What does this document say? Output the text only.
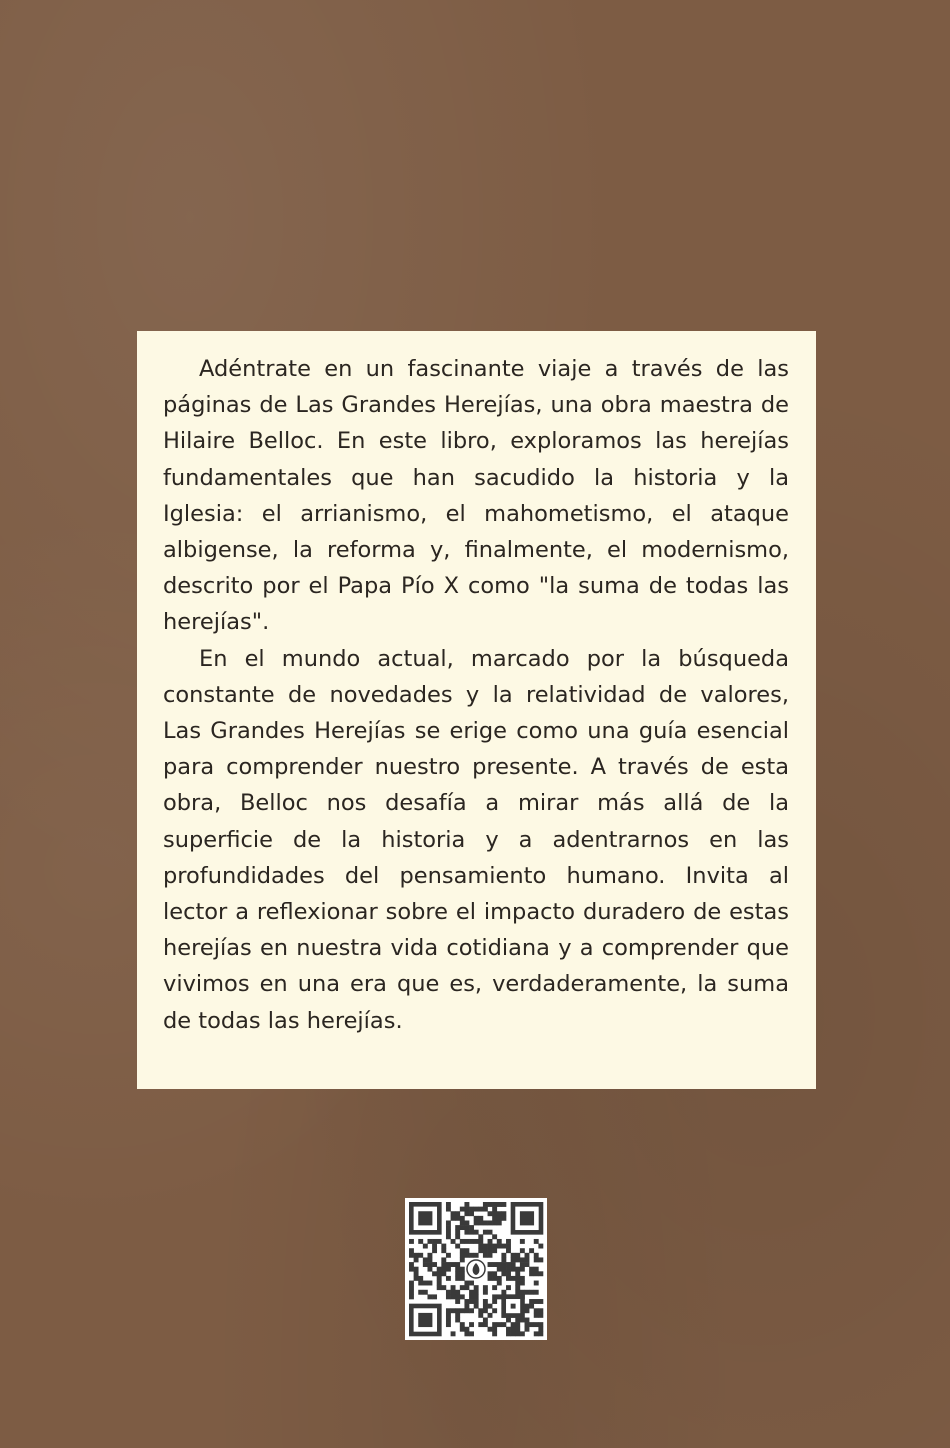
Adéntrate en un fascinante viaje a través de las páginas de Las Grandes Herejías, una obra maestra de Hilaire Belloc. En este libro, exploramos las herejías fundamentales que han sacudido la historia y la Iglesia: el arrianismo, el mahometismo, el ataque albigense, la reforma y, finalmente, el modernismo, descrito por el Papa Pío X como "la suma de todas las herejías".

En el mundo actual, marcado por la búsqueda constante de novedades y la relatividad de valores, Las Grandes Herejías se erige como una guía esencial para comprender nuestro presente. A través de esta obra, Belloc nos desafía a mirar más allá de la superficie de la historia y a adentrarnos en las profundidades del pensamiento humano. Invita al lector a reflexionar sobre el impacto duradero de estas herejías en nuestra vida cotidiana y a comprender que vivimos en una era que es, verdaderamente, la suma de todas las herejías.
